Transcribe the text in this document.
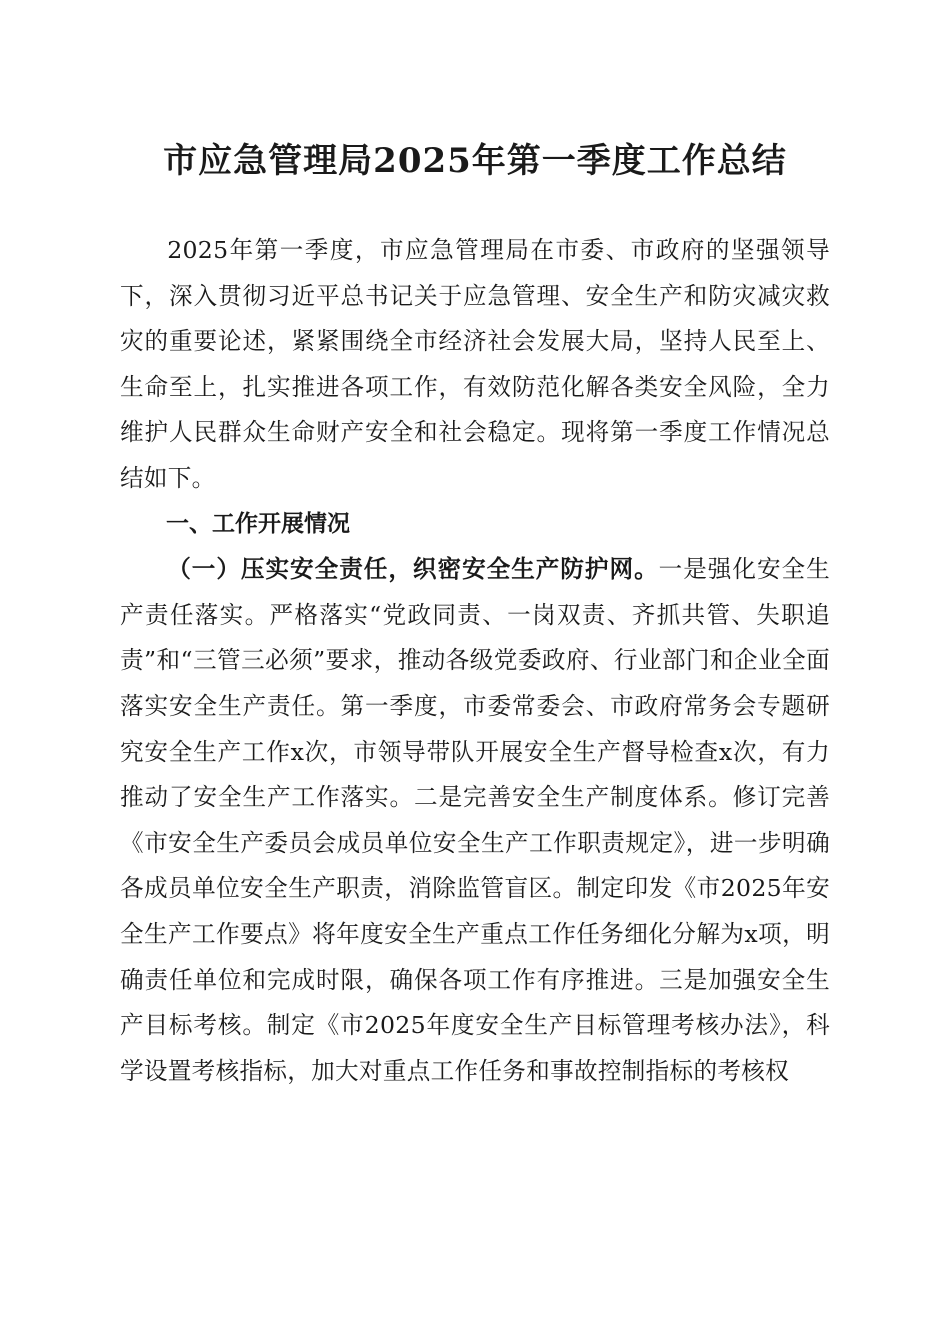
市应急管理局2025年第一季度工作总结

2025年第一季度，市应急管理局在市委、市政府的坚强领导下，深入贯彻习近平总书记关于应急管理、安全生产和防灾减灾救灾的重要论述，紧紧围绕全市经济社会发展大局，坚持人民至上、生命至上，扎实推进各项工作，有效防范化解各类安全风险，全力维护人民群众生命财产安全和社会稳定。现将第一季度工作情况总结如下。

一、工作开展情况

（一）压实安全责任，织密安全生产防护网。一是强化安全生产责任落实。严格落实“党政同责、一岗双责、齐抓共管、失职追责”和“三管三必须”要求，推动各级党委政府、行业部门和企业全面落实安全生产责任。第一季度，市委常委会、市政府常务会专题研究安全生产工作x次，市领导带队开展安全生产督导检查x次，有力推动了安全生产工作落实。二是完善安全生产制度体系。修订完善《市安全生产委员会成员单位安全生产工作职责规定》，进一步明确各成员单位安全生产职责，消除监管盲区。制定印发《市2025年安全生产工作要点》将年度安全生产重点工作任务细化分解为x项，明确责任单位和完成时限，确保各项工作有序推进。三是加强安全生产目标考核。制定《市2025年度安全生产目标管理考核办法》，科学设置考核指标，加大对重点工作任务和事故控制指标的考核权
